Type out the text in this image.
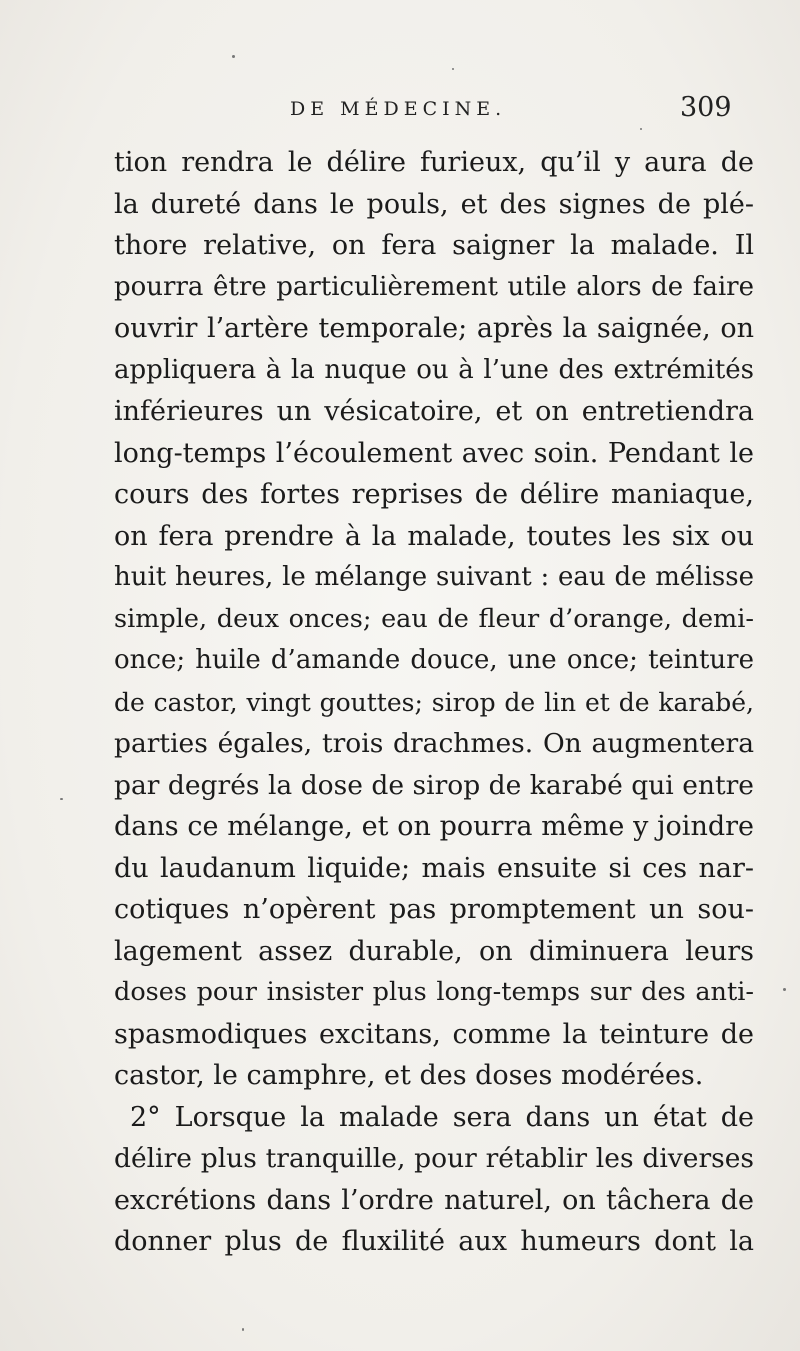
DE MÉDECINE.	309
tion rendra le délire furieux, qu’il y aura de
la dureté dans le pouls, et des signes de plé-
thore relative, on fera saigner la malade. Il
pourra être particulièrement utile alors de faire
ouvrir l’artère temporale; après la saignée, on
appliquera à la nuque ou à l’une des extrémités
inférieures un vésicatoire, et on entretiendra
long-temps l’écoulement avec soin. Pendant le
cours des fortes reprises de délire maniaque,
on fera prendre à la malade, toutes les six ou
huit heures, le mélange suivant : eau de mélisse
simple, deux onces; eau de fleur d’orange, demi-
once; huile d’amande douce, une once; teinture
de castor, vingt gouttes; sirop de lin et de karabé,
parties égales, trois drachmes. On augmentera
par degrés la dose de sirop de karabé qui entre
dans ce mélange, et on pourra même y joindre
du laudanum liquide; mais ensuite si ces nar-
cotiques n’opèrent pas promptement un sou-
lagement assez durable, on diminuera leurs
doses pour insister plus long-temps sur des anti-
spasmodiques excitans, comme la teinture de
castor, le camphre, et des doses modérées.
2° Lorsque la malade sera dans un état de
délire plus tranquille, pour rétablir les diverses
excrétions dans l’ordre naturel, on tâchera de
donner plus de fluxilité aux humeurs dont la
